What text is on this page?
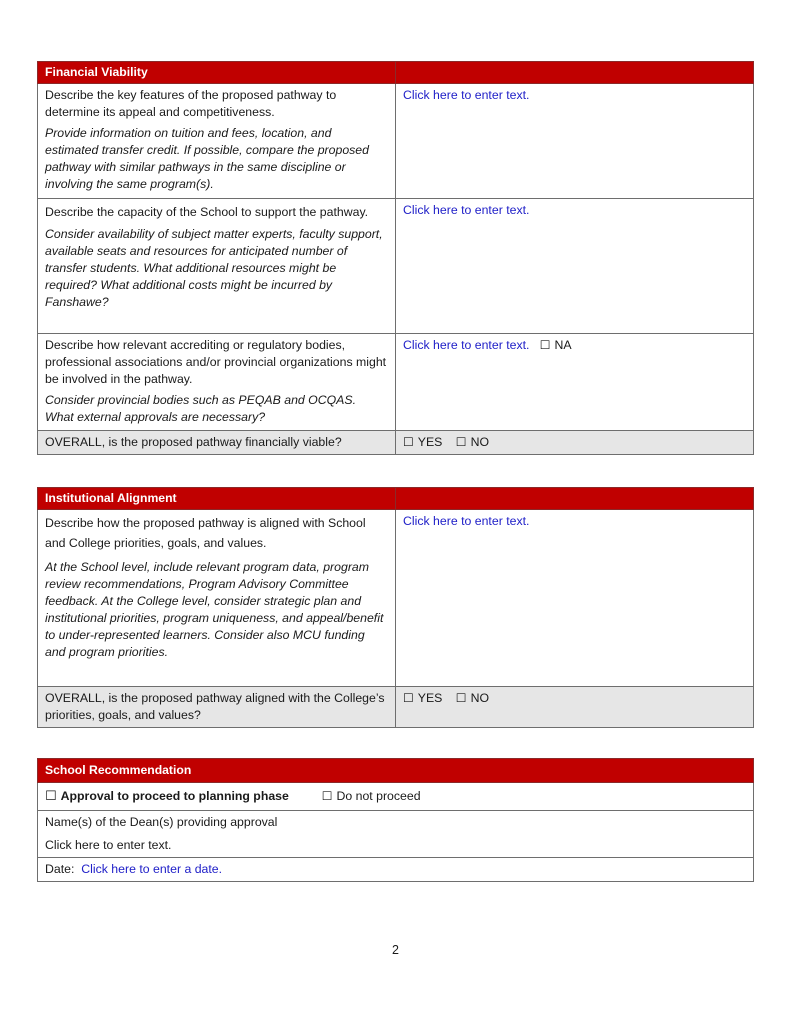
Financial Viability	

Describe the key features of the proposed pathway to determine its appeal and competitiveness.

Provide information on tuition and fees, location, and estimated transfer credit. If possible, compare the proposed pathway with similar pathways in the same discipline or involving the same program(s).	Click here to enter text.

Describe the capacity of the School to support the pathway.

Consider availability of subject matter experts, faculty support, available seats and resources for anticipated number of transfer students. What additional resources might be required? What additional costs might be incurred by Fanshawe?	Click here to enter text.

Describe how relevant accrediting or regulatory bodies, professional associations and/or provincial organizations might be involved in the pathway.

Consider provincial bodies such as PEQAB and OCQAS. What external approvals are necessary?	Click here to enter text. ☐ NA
OVERALL, is the proposed pathway financially viable?	☐ YES ☐ NO
Institutional Alignment	

Describe how the proposed pathway is aligned with School and College priorities, goals, and values.

At the School level, include relevant program data, program review recommendations, Program Advisory Committee feedback. At the College level, consider strategic plan and institutional priorities, program uniqueness, and appeal/benefit to under-represented learners. Consider also MCU funding and program priorities.	Click here to enter text.
OVERALL, is the proposed pathway aligned with the College’s priorities, goals, and values?	☐ YES ☐ NO
School Recommendation
☐ Approval to proceed to planning phase	☐ Do not proceed

Name(s) of the Dean(s) providing approval

Click here to enter text.

Date: Click here to enter a date.
2
